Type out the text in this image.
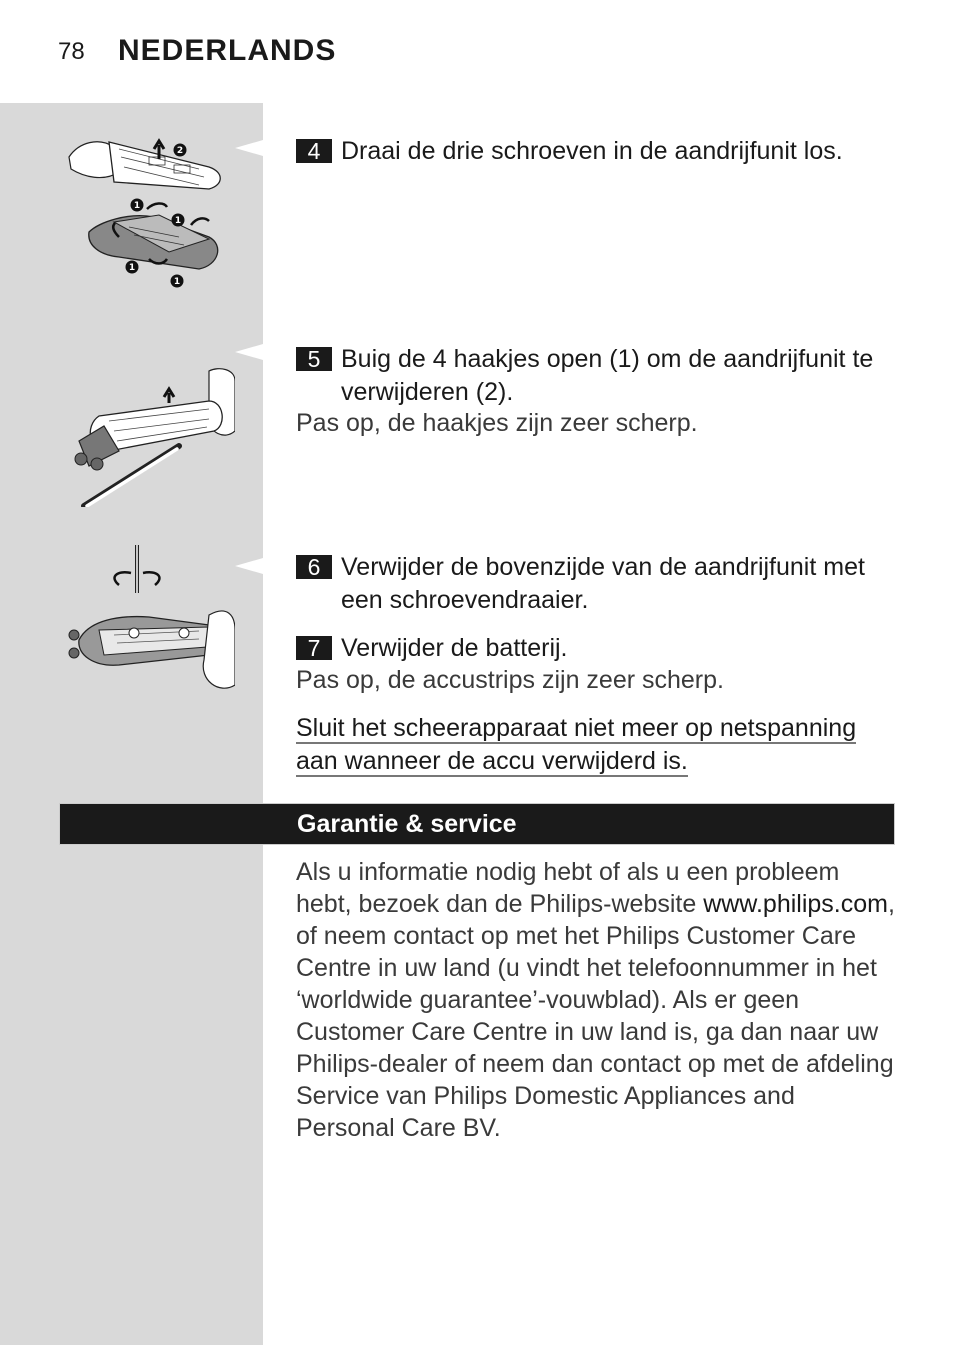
78 NEDERLANDS
2
1
1
1
1
4 Draai de drie schroeven in de aandrijfunit los.
5 Buig de 4 haakjes open (1) om de aandrijfunit te verwijderen (2).
Pas op, de haakjes zijn zeer scherp.
6 Verwijder de bovenzijde van de aandrijfunit met een schroevendraaier.
7 Verwijder de batterij.
Pas op, de accustrips zijn zeer scherp.
Sluit het scheerapparaat niet meer op netspanning aan wanneer de accu verwijderd is.
Garantie & service
Als u informatie nodig hebt of als u een probleem hebt, bezoek dan de Philips-website www.philips.com, of neem contact op met het Philips Customer Care Centre in uw land (u vindt het telefoonnummer in het ‘worldwide guarantee’-vouwblad). Als er geen Customer Care Centre in uw land is, ga dan naar uw Philips-dealer of neem dan contact op met de afdeling Service van Philips Domestic Appliances and Personal Care BV.
